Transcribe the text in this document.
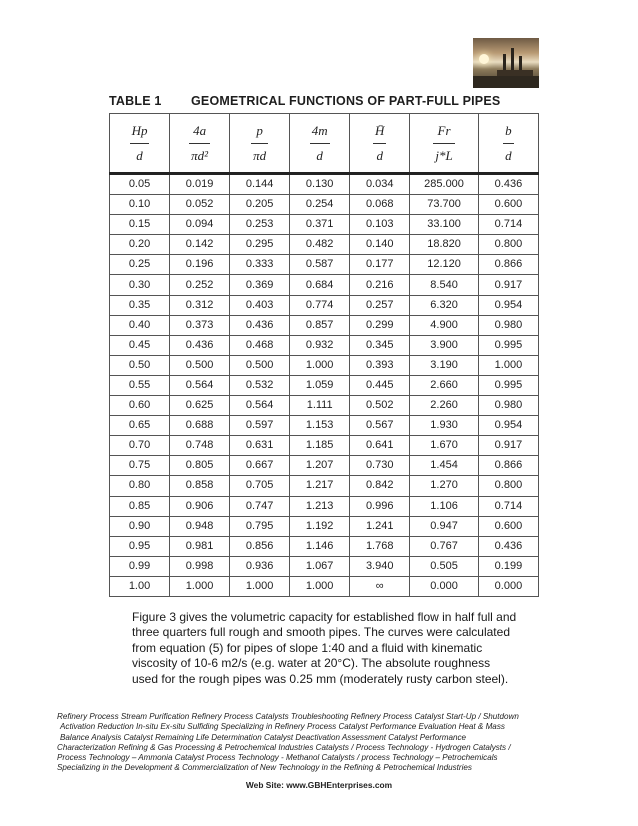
TABLE 1 GEOMETRICAL FUNCTIONS OF PART-FULL PIPES
$\frac{Hp}{d}$	$\frac{4a}{\text{πd²}}$	$\frac{p}{\pi d}$	$\frac{4m}{d}$	$\frac{H̄}{d}$	$\frac{Fr}{j*L}$	$\frac{b}{d}$

0.05	0.019	0.144	0.130	0.034	285.000	0.436
0.10	0.052	0.205	0.254	0.068	73.700	0.600
0.15	0.094	0.253	0.371	0.103	33.100	0.714
0.20	0.142	0.295	0.482	0.140	18.820	0.800
0.25	0.196	0.333	0.587	0.177	12.120	0.866
0.30	0.252	0.369	0.684	0.216	8.540	0.917
0.35	0.312	0.403	0.774	0.257	6.320	0.954
0.40	0.373	0.436	0.857	0.299	4.900	0.980
0.45	0.436	0.468	0.932	0.345	3.900	0.995
0.50	0.500	0.500	1.000	0.393	3.190	1.000
0.55	0.564	0.532	1.059	0.445	2.660	0.995
0.60	0.625	0.564	1.111	0.502	2.260	0.980
0.65	0.688	0.597	1.153	0.567	1.930	0.954
0.70	0.748	0.631	1.185	0.641	1.670	0.917
0.75	0.805	0.667	1.207	0.730	1.454	0.866
0.80	0.858	0.705	1.217	0.842	1.270	0.800
0.85	0.906	0.747	1.213	0.996	1.106	0.714
0.90	0.948	0.795	1.192	1.241	0.947	0.600
0.95	0.981	0.856	1.146	1.768	0.767	0.436
0.99	0.998	0.936	1.067	3.940	0.505	0.199
1.00	1.000	1.000	1.000	∞	0.000	0.000

Figure 3 gives the volumetric capacity for established flow in half full and

three quarters full rough and smooth pipes. The curves were calculated

from equation (5) for pipes of slope 1:40 and a fluid with kinematic

viscosity of 10-6 m2/s (e.g. water at 20°C). The absolute roughness

used for the rough pipes was 0.25 mm (moderately rusty carbon steel).

Refinery Process Stream Purification Refinery Process Catalysts Troubleshooting Refinery Process Catalyst Start-Up / Shutdown

Activation Reduction In-situ Ex-situ Sulfiding Specializing in Refinery Process Catalyst Performance Evaluation Heat & Mass

Balance Analysis Catalyst Remaining Life Determination Catalyst Deactivation Assessment Catalyst Performance

Characterization Refining & Gas Processing & Petrochemical Industries Catalysts / Process Technology - Hydrogen Catalysts /

Process Technology – Ammonia Catalyst Process Technology - Methanol Catalysts / process Technology – Petrochemicals

Specializing in the Development & Commercialization of New Technology in the Refining & Petrochemical Industries

Web Site: www.GBHEnterprises.com
